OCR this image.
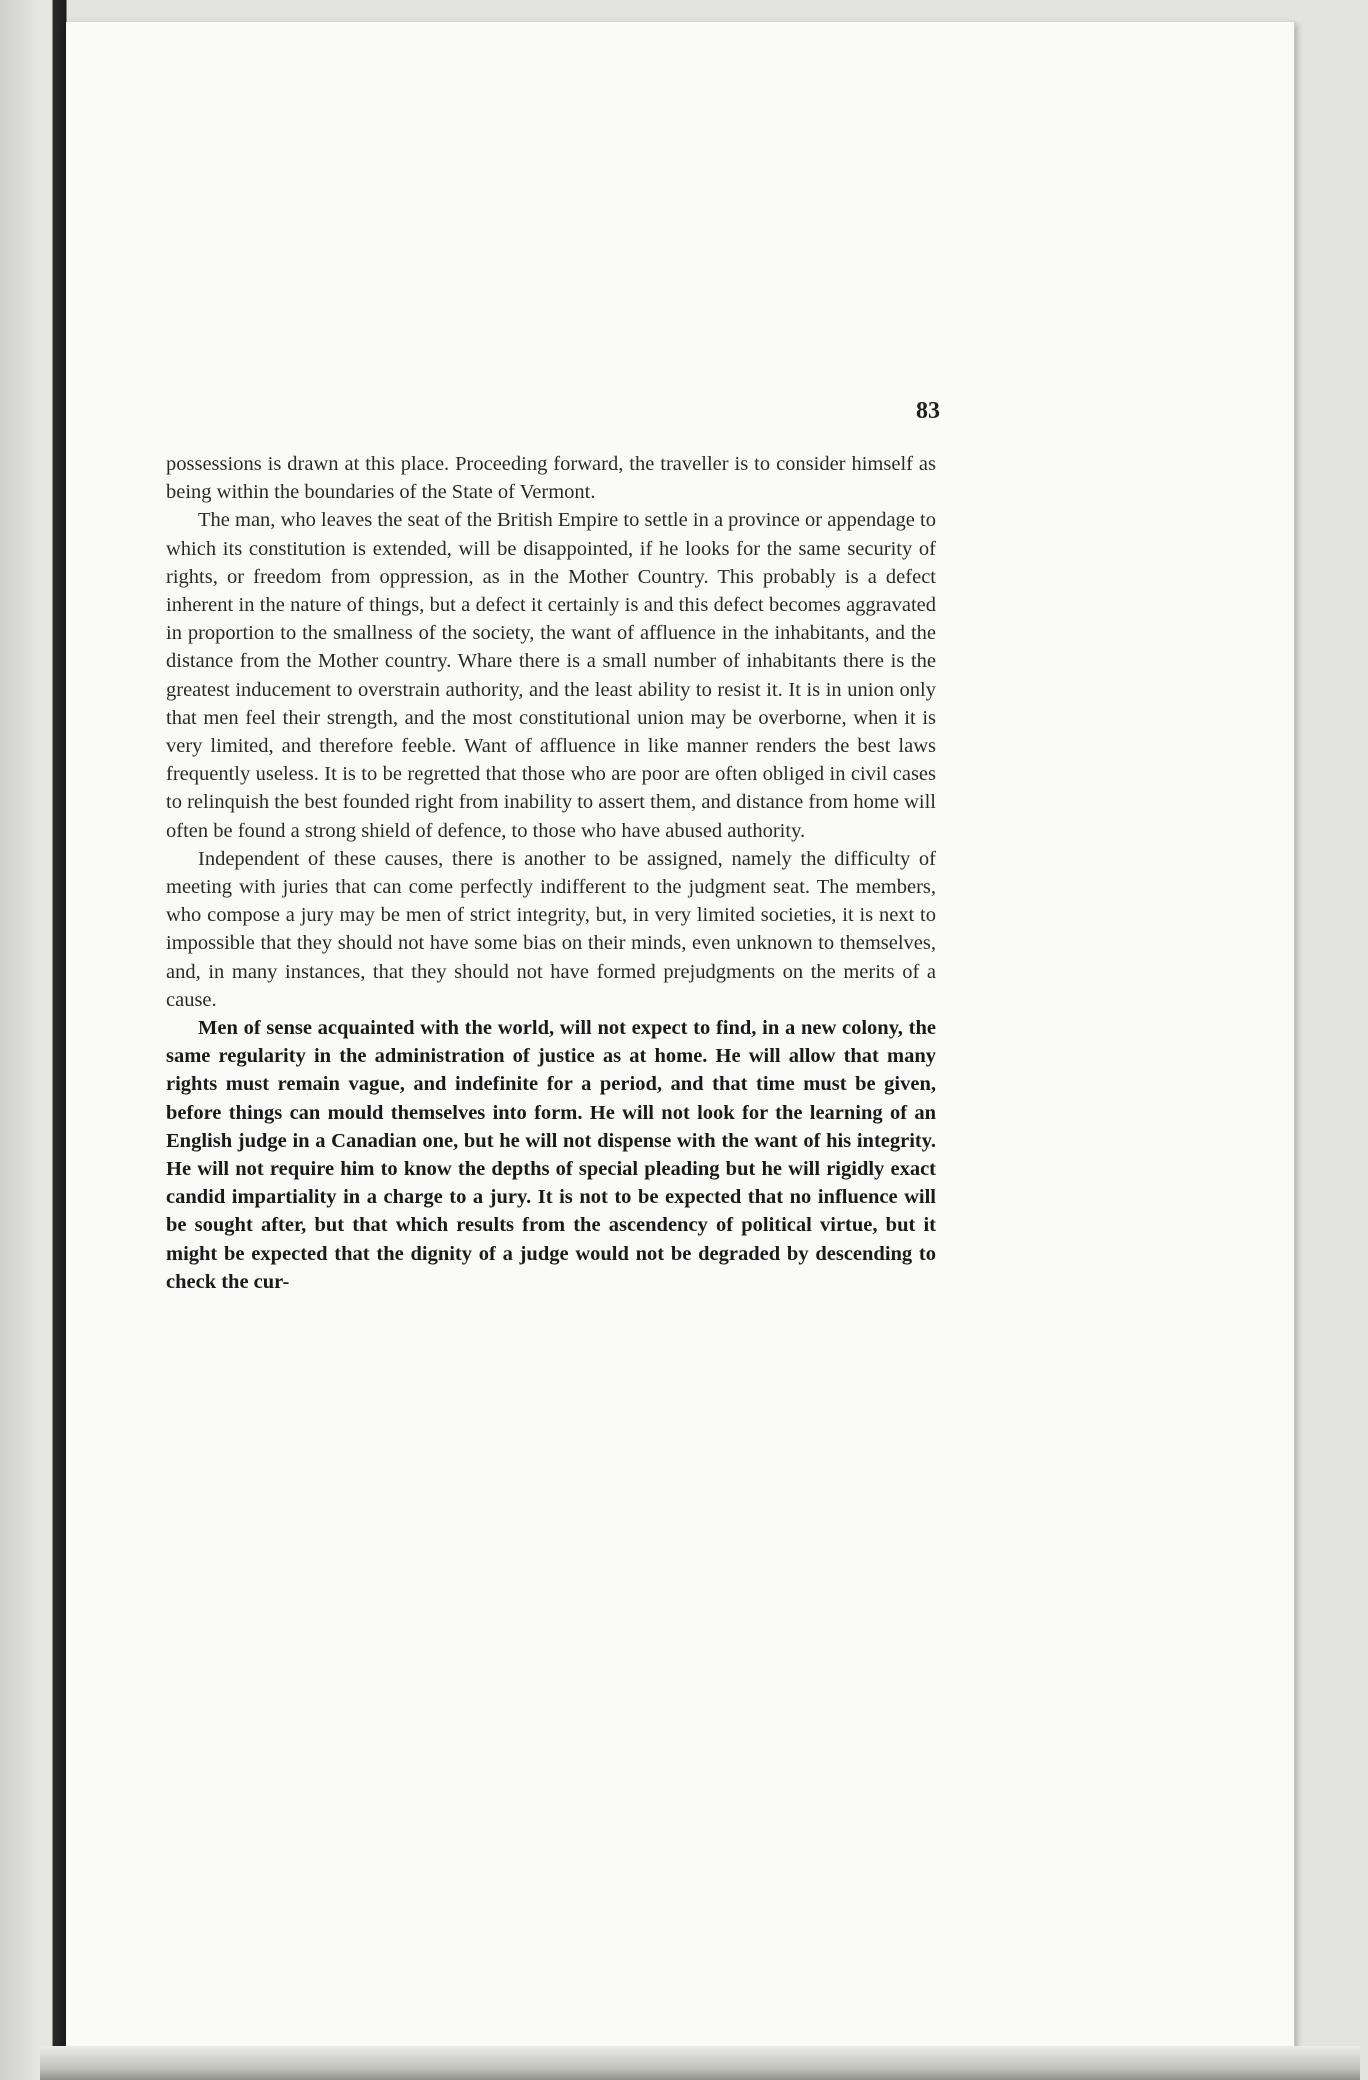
83

possessions is drawn at this place. Proceeding forward, the traveller is to consider himself as being within the boundaries of the State of Vermont.

The man, who leaves the seat of the British Empire to settle in a province or appendage to which its constitution is extended, will be disappointed, if he looks for the same security of rights, or freedom from oppression, as in the Mother Country. This probably is a defect inherent in the nature of things, but a defect it certainly is and this defect becomes aggravated in proportion to the smallness of the society, the want of affluence in the inhabitants, and the distance from the Mother country. Whare there is a small number of inhabitants there is the greatest inducement to overstrain authority, and the least ability to resist it. It is in union only that men feel their strength, and the most constitutional union may be overborne, when it is very limited, and therefore feeble. Want of affluence in like manner renders the best laws frequently useless. It is to be regretted that those who are poor are often obliged in civil cases to relinquish the best founded right from inability to assert them, and distance from home will often be found a strong shield of defence, to those who have abused authority.

Independent of these causes, there is another to be assigned, namely the difficulty of meeting with juries that can come perfectly indifferent to the judgment seat. The members, who compose a jury may be men of strict integrity, but, in very limited societies, it is next to impossible that they should not have some bias on their minds, even unknown to themselves, and, in many instances, that they should not have formed prejudgments on the merits of a cause.

Men of sense acquainted with the world, will not expect to find, in a new colony, the same regularity in the administration of justice as at home. He will allow that many rights must remain vague, and indefinite for a period, and that time must be given, before things can mould themselves into form. He will not look for the learning of an English judge in a Canadian one, but he will not dispense with the want of his integrity. He will not require him to know the depths of special pleading but he will rigidly exact candid impartiality in a charge to a jury. It is not to be expected that no influence will be sought after, but that which results from the ascendency of political virtue, but it might be expected that the dignity of a judge would not be degraded by descending to check the cur-
